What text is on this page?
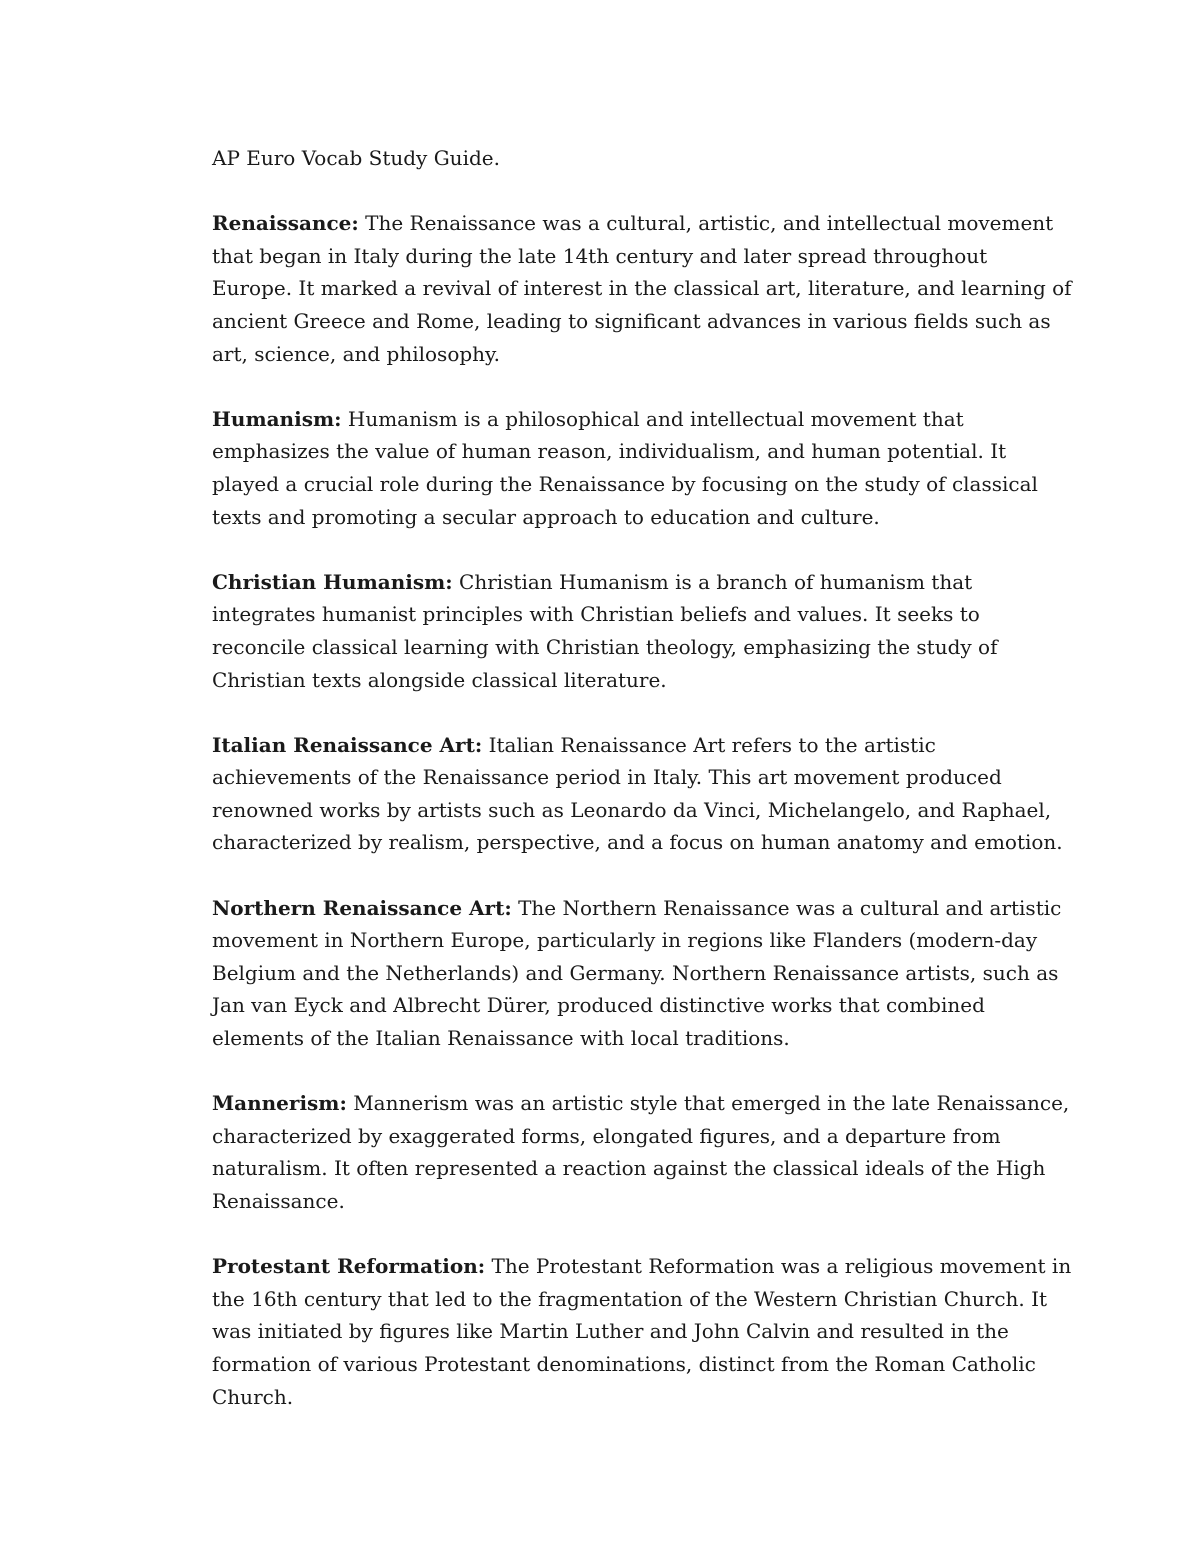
AP Euro Vocab Study Guide.

Renaissance: The Renaissance was a cultural, artistic, and intellectual movement that began in Italy during the late 14th century and later spread throughout Europe. It marked a revival of interest in the classical art, literature, and learning of ancient Greece and Rome, leading to significant advances in various fields such as art, science, and philosophy.

Humanism: Humanism is a philosophical and intellectual movement that emphasizes the value of human reason, individualism, and human potential. It played a crucial role during the Renaissance by focusing on the study of classical texts and promoting a secular approach to education and culture.

Christian Humanism: Christian Humanism is a branch of humanism that integrates humanist principles with Christian beliefs and values. It seeks to reconcile classical learning with Christian theology, emphasizing the study of Christian texts alongside classical literature.

Italian Renaissance Art: Italian Renaissance Art refers to the artistic achievements of the Renaissance period in Italy. This art movement produced renowned works by artists such as Leonardo da Vinci, Michelangelo, and Raphael, characterized by realism, perspective, and a focus on human anatomy and emotion.

Northern Renaissance Art: The Northern Renaissance was a cultural and artistic movement in Northern Europe, particularly in regions like Flanders (modern-day Belgium and the Netherlands) and Germany. Northern Renaissance artists, such as Jan van Eyck and Albrecht Dürer, produced distinctive works that combined elements of the Italian Renaissance with local traditions.

Mannerism: Mannerism was an artistic style that emerged in the late Renaissance, characterized by exaggerated forms, elongated figures, and a departure from naturalism. It often represented a reaction against the classical ideals of the High Renaissance.

Protestant Reformation: The Protestant Reformation was a religious movement in the 16th century that led to the fragmentation of the Western Christian Church. It was initiated by figures like Martin Luther and John Calvin and resulted in the formation of various Protestant denominations, distinct from the Roman Catholic Church.
